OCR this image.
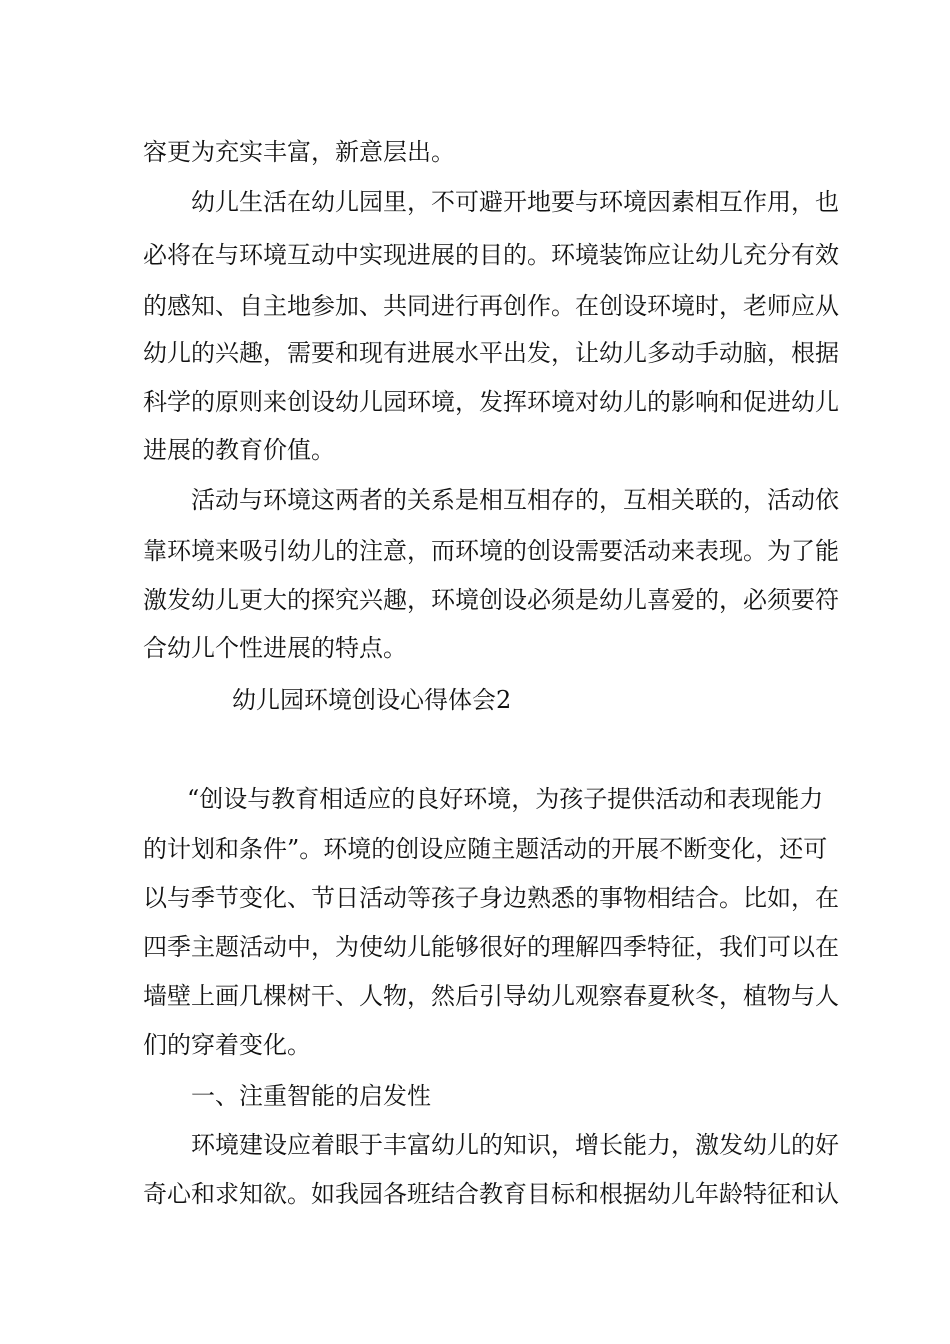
容更为充实丰富，新意层出。
幼儿生活在幼儿园里，不可避开地要与环境因素相互作用，也
必将在与环境互动中实现进展的目的。环境装饰应让幼儿充分有效
的感知、自主地参加、共同进行再创作。在创设环境时，老师应从
幼儿的兴趣，需要和现有进展水平出发，让幼儿多动手动脑，根据
科学的原则来创设幼儿园环境，发挥环境对幼儿的影响和促进幼儿
进展的教育价值。
活动与环境这两者的关系是相互相存的，互相关联的，活动依
靠环境来吸引幼儿的注意，而环境的创设需要活动来表现。为了能
激发幼儿更大的探究兴趣，环境创设必须是幼儿喜爱的，必须要符
合幼儿个性进展的特点。
幼儿园环境创设心得体会2
“创设与教育相适应的良好环境，为孩子提供活动和表现能力
的计划和条件”。环境的创设应随主题活动的开展不断变化，还可
以与季节变化、节日活动等孩子身边熟悉的事物相结合。比如，在
四季主题活动中，为使幼儿能够很好的理解四季特征，我们可以在
墙壁上画几棵树干、人物，然后引导幼儿观察春夏秋冬，植物与人
们的穿着变化。
一、注重智能的启发性
环境建设应着眼于丰富幼儿的知识，增长能力，激发幼儿的好
奇心和求知欲。如我园各班结合教育目标和根据幼儿年龄特征和认
